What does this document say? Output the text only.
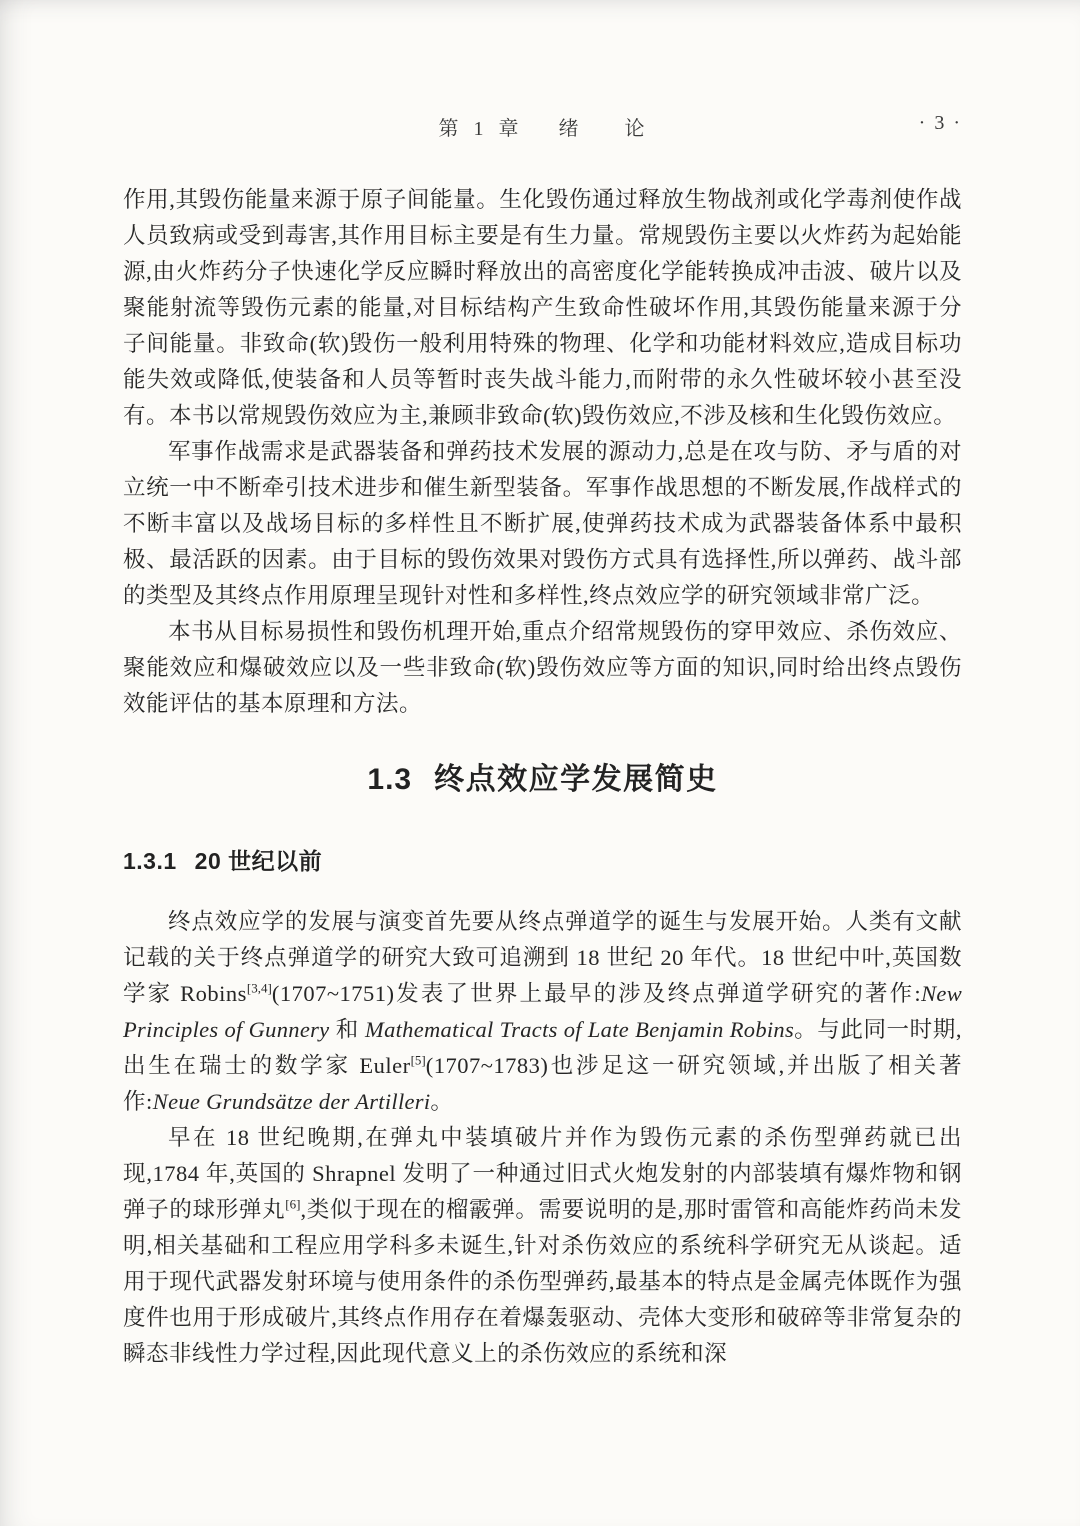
第 1 章 绪　　论	· 3 ·

作用,其毁伤能量来源于原子间能量。生化毁伤通过释放生物战剂或化学毒剂使作战人员致病或受到毒害,其作用目标主要是有生力量。常规毁伤主要以火炸药为起始能源,由火炸药分子快速化学反应瞬时释放出的高密度化学能转换成冲击波、破片以及聚能射流等毁伤元素的能量,对目标结构产生致命性破坏作用,其毁伤能量来源于分子间能量。非致命(软)毁伤一般利用特殊的物理、化学和功能材料效应,造成目标功能失效或降低,使装备和人员等暂时丧失战斗能力,而附带的永久性破坏较小甚至没有。本书以常规毁伤效应为主,兼顾非致命(软)毁伤效应,不涉及核和生化毁伤效应。

军事作战需求是武器装备和弹药技术发展的源动力,总是在攻与防、矛与盾的对立统一中不断牵引技术进步和催生新型装备。军事作战思想的不断发展,作战样式的不断丰富以及战场目标的多样性且不断扩展,使弹药技术成为武器装备体系中最积极、最活跃的因素。由于目标的毁伤效果对毁伤方式具有选择性,所以弹药、战斗部的类型及其终点作用原理呈现针对性和多样性,终点效应学的研究领域非常广泛。

本书从目标易损性和毁伤机理开始,重点介绍常规毁伤的穿甲效应、杀伤效应、聚能效应和爆破效应以及一些非致命(软)毁伤效应等方面的知识,同时给出终点毁伤效能评估的基本原理和方法。

1.3 终点效应学发展简史
1.3.1 20 世纪以前

终点效应学的发展与演变首先要从终点弹道学的诞生与发展开始。人类有文献记载的关于终点弹道学的研究大致可追溯到 18 世纪 20 年代。18 世纪中叶,英国数学家 Robins[3,4](1707~1751)发表了世界上最早的涉及终点弹道学研究的著作:New Principles of Gunnery 和 Mathematical Tracts of Late Benjamin Robins。与此同一时期,出生在瑞士的数学家 Euler[5](1707~1783)也涉足这一研究领域,并出版了相关著作:Neue Grundsätze der Artilleri。

早在 18 世纪晚期,在弹丸中装填破片并作为毁伤元素的杀伤型弹药就已出现,1784 年,英国的 Shrapnel 发明了一种通过旧式火炮发射的内部装填有爆炸物和钢弹子的球形弹丸[6],类似于现在的榴霰弹。需要说明的是,那时雷管和高能炸药尚未发明,相关基础和工程应用学科多未诞生,针对杀伤效应的系统科学研究无从谈起。适用于现代武器发射环境与使用条件的杀伤型弹药,最基本的特点是金属壳体既作为强度件也用于形成破片,其终点作用存在着爆轰驱动、壳体大变形和破碎等非常复杂的瞬态非线性力学过程,因此现代意义上的杀伤效应的系统和深
